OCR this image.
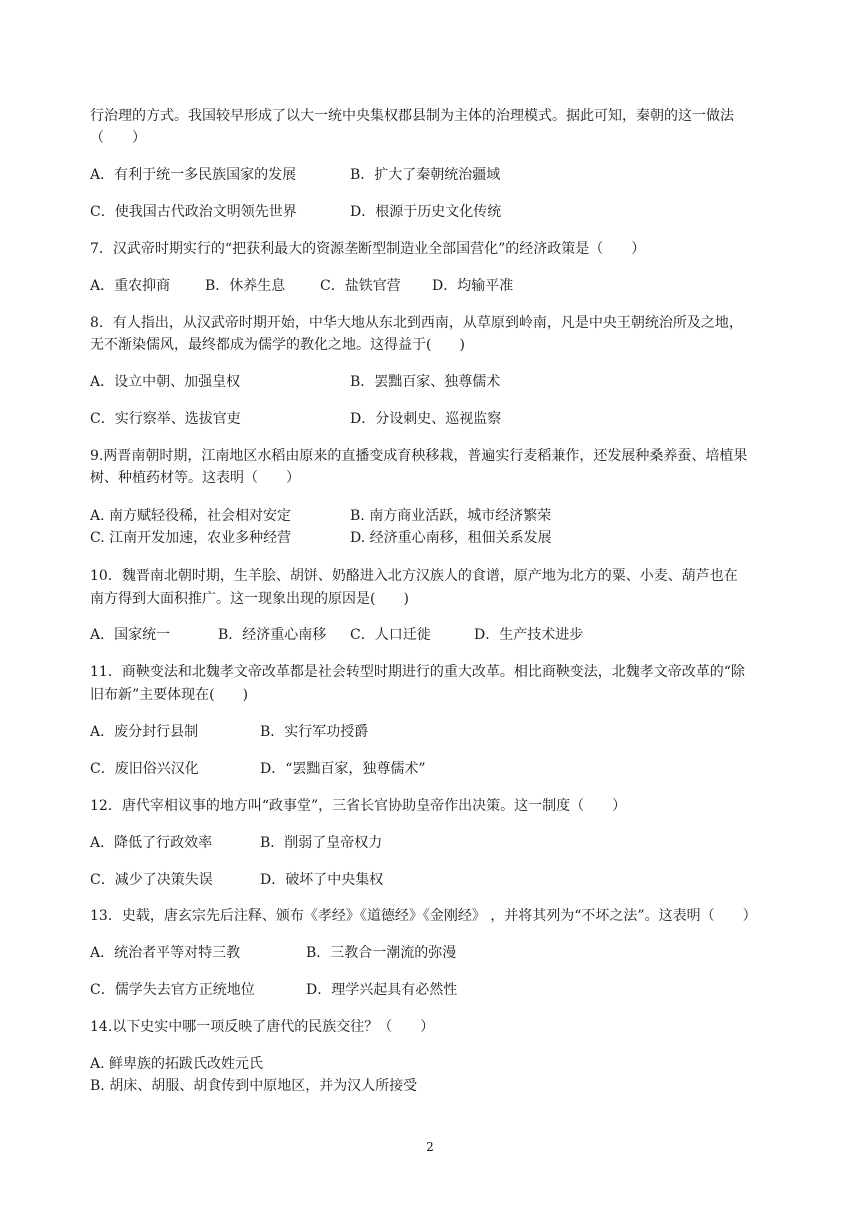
行治理的方式。我国较早形成了以大一统中央集权郡县制为主体的治理模式。据此可知，秦朝的这一做法
（　　）
A．有利于统一多民族国家的发展	B．扩大了秦朝统治疆域
C．使我国古代政治文明领先世界	D．根源于历史文化传统
7．汉武帝时期实行的“把获利最大的资源垄断型制造业全部国营化”的经济政策是（　　）
A．重农抑商 B．休养生息 C．盐铁官营 D．均输平准
8．有人指出，从汉武帝时期开始，中华大地从东北到西南，从草原到岭南，凡是中央王朝统治所及之地，
无不渐染儒风，最终都成为儒学的教化之地。这得益于(　　)
A．设立中朝、加强皇权	B．罢黜百家、独尊儒术
C．实行察举、选拔官吏	D．分设刺史、巡视监察
9.两晋南朝时期，江南地区水稻由原来的直播变成育秧移栽，普遍实行麦稻兼作，还发展种桑养蚕、培植果
树、种植药材等。这表明（　　）
A. 南方赋轻役稀，社会相对安定	B. 南方商业活跃，城市经济繁荣
C. 江南开发加速，农业多种经营	D. 经济重心南移，租佃关系发展
10．魏晋南北朝时期，生羊脍、胡饼、奶酪进入北方汉族人的食谱，原产地为北方的粟、小麦、葫芦也在
南方得到大面积推广。这一现象出现的原因是(　　)
A．国家统一	B．经济重心南移 C．人口迁徙	D．生产技术进步
11．商鞅变法和北魏孝文帝改革都是社会转型时期进行的重大改革。相比商鞅变法，北魏孝文帝改革的“除
旧布新”主要体现在(　　)
A．废分封行县制	B．实行军功授爵
C．废旧俗兴汉化	D．“罢黜百家，独尊儒术”
12．唐代宰相议事的地方叫“政事堂”，三省长官协助皇帝作出决策。这一制度（　　）
A．降低了行政效率	B．削弱了皇帝权力
C．减少了决策失误	D．破坏了中央集权
13．史载，唐玄宗先后注释、颁布《孝经》《道德经》《金刚经》 ，并将其列为“不坏之法”。这表明（　　）
A．统治者平等对特三教	B．三教合一潮流的弥漫
C．儒学失去官方正统地位	D．理学兴起具有必然性
14.以下史实中哪一项反映了唐代的民族交往？（　　）
A. 鲜卑族的拓跋氏改姓元氏
B. 胡床、胡服、胡食传到中原地区，并为汉人所接受
2
